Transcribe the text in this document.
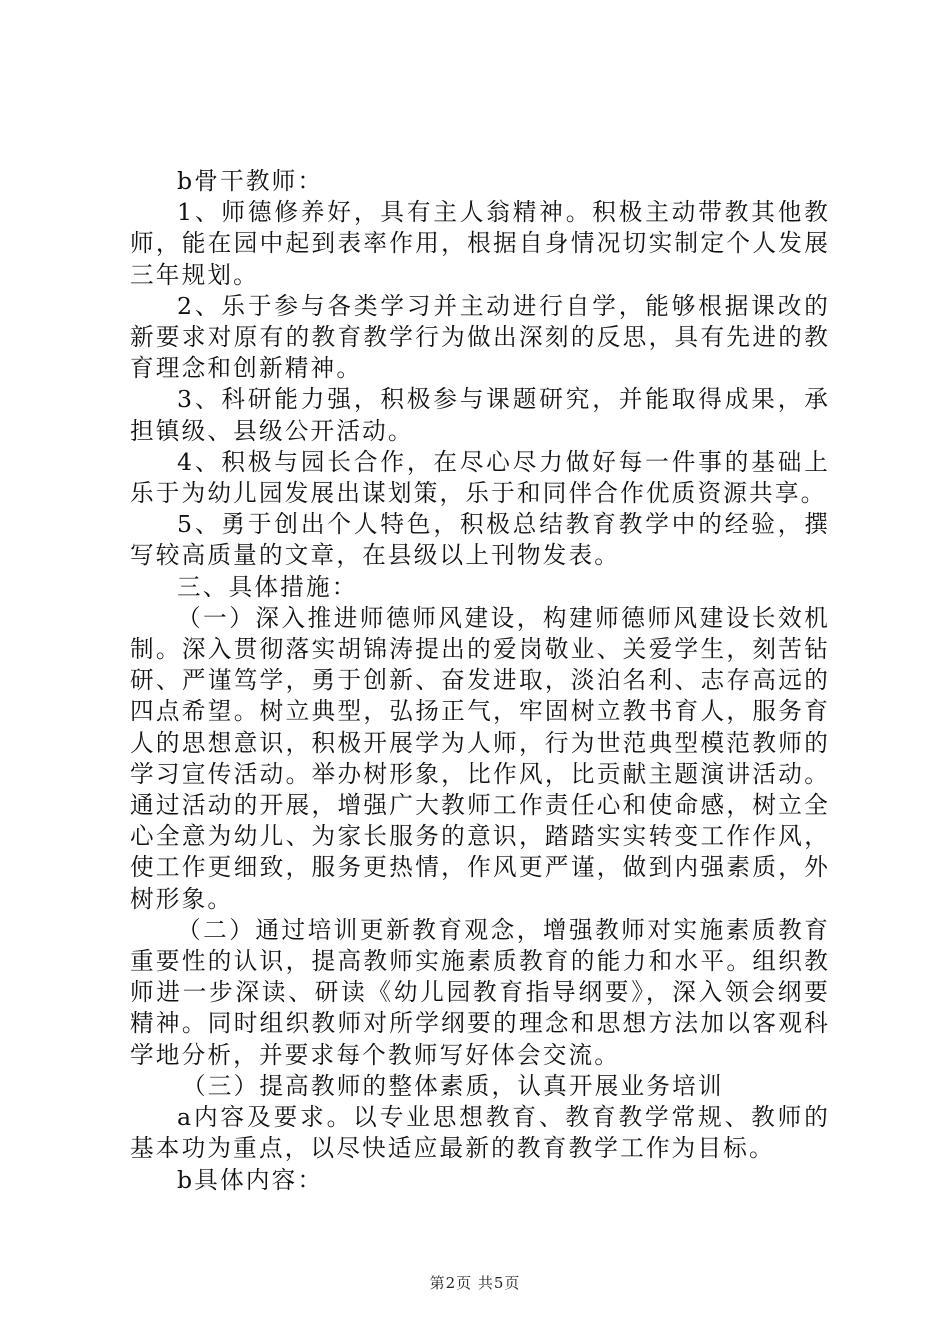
b骨干教师：

1、师德修养好，具有主人翁精神。积极主动带教其他教师，能在园中起到表率作用，根据自身情况切实制定个人发展三年规划。

2、乐于参与各类学习并主动进行自学，能够根据课改的新要求对原有的教育教学行为做出深刻的反思，具有先进的教育理念和创新精神。

3、科研能力强，积极参与课题研究，并能取得成果，承担镇级、县级公开活动。

4、积极与园长合作，在尽心尽力做好每一件事的基础上乐于为幼儿园发展出谋划策，乐于和同伴合作优质资源共享。

5、勇于创出个人特色，积极总结教育教学中的经验，撰写较高质量的文章，在县级以上刊物发表。

三、具体措施：

（一）深入推进师德师风建设，构建师德师风建设长效机制。深入贯彻落实胡锦涛提出的爱岗敬业、关爱学生，刻苦钻研、严谨笃学，勇于创新、奋发进取，淡泊名利、志存高远的四点希望。树立典型，弘扬正气，牢固树立教书育人，服务育人的思想意识，积极开展学为人师，行为世范典型模范教师的学习宣传活动。举办树形象，比作风，比贡献主题演讲活动。通过活动的开展，增强广大教师工作责任心和使命感，树立全心全意为幼儿、为家长服务的意识，踏踏实实转变工作作风，使工作更细致，服务更热情，作风更严谨，做到内强素质，外树形象。

（二）通过培训更新教育观念，增强教师对实施素质教育重要性的认识，提高教师实施素质教育的能力和水平。组织教师进一步深读、研读《幼儿园教育指导纲要》，深入领会纲要精神。同时组织教师对所学纲要的理念和思想方法加以客观科学地分析，并要求每个教师写好体会交流。

（三）提高教师的整体素质，认真开展业务培训

a内容及要求。以专业思想教育、教育教学常规、教师的基本功为重点，以尽快适应最新的教育教学工作为目标。

b具体内容：

第2页 共5页
